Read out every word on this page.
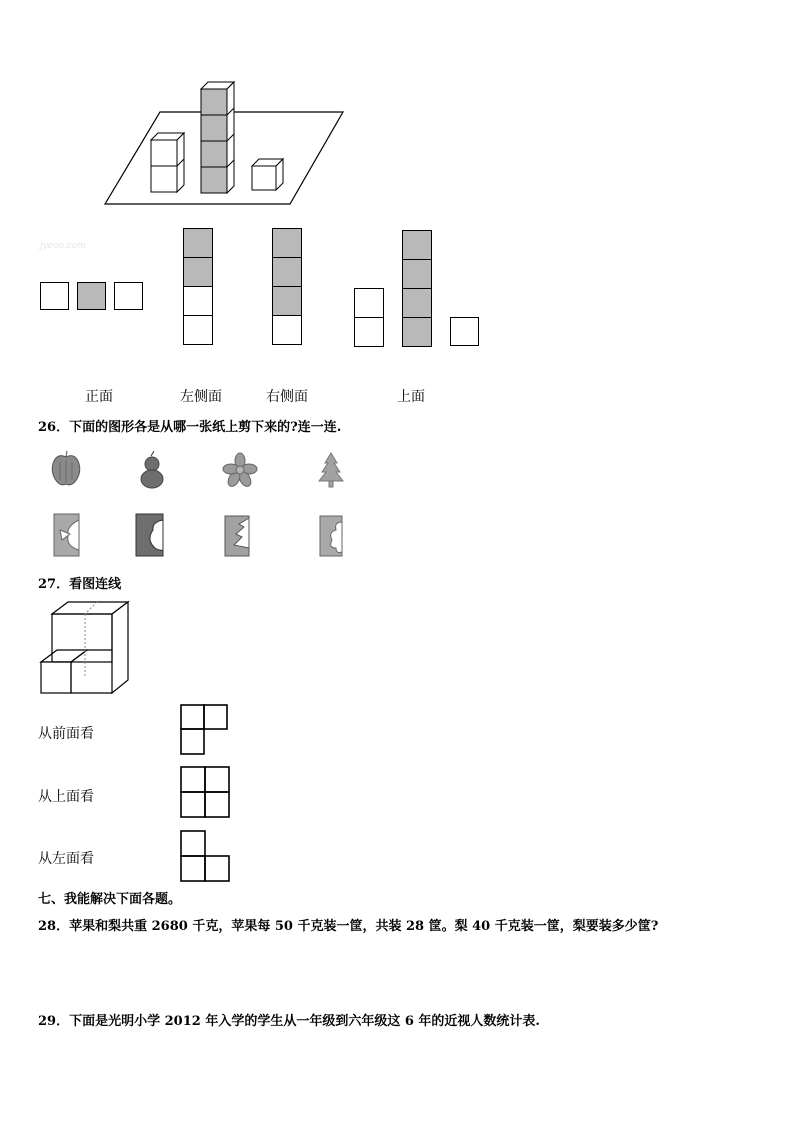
jyeoo.com
正面	左侧面	右侧面	上面
26．下面的图形各是从哪一张纸上剪下来的?连一连.
27．看图连线
从前面看
从上面看
从左面看
七、我能解决下面各题。
28．苹果和梨共重 2680 千克，苹果每 50 千克装一筐，共装 28 筐。梨 40 千克装一筐，梨要装多少筐?
29．下面是光明小学 2012 年入学的学生从一年级到六年级这 6 年的近视人数统计表.
